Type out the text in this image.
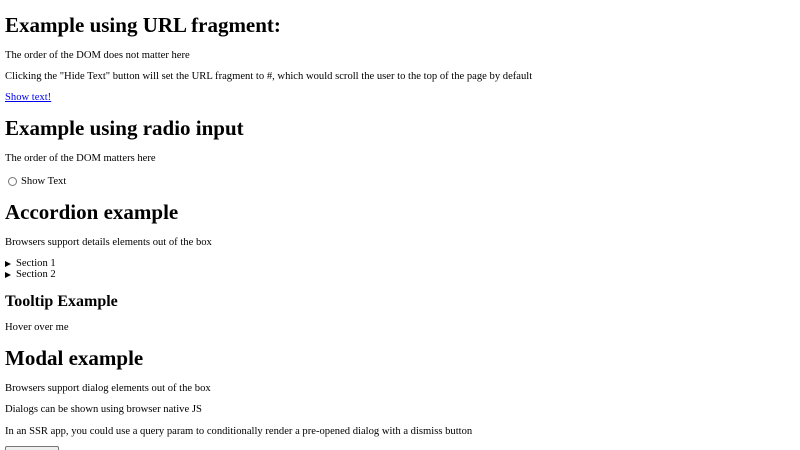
Example using URL fragment:

The order of the DOM does not matter here

Clicking the "Hide Text" button will set the URL fragment to #, which would scroll the user to the top of the page by default

Show text!
Example using radio input

The order of the DOM matters here

Show Text
Accordion example

Browsers support details elements out of the box

Section 1
Section 2
Tooltip Example

Hover over me

Modal example

Browsers support dialog elements out of the box

Dialogs can be shown using browser native JS

In an SSR app, you could use a query param to conditionally render a pre-opened dialog with a dismiss button
